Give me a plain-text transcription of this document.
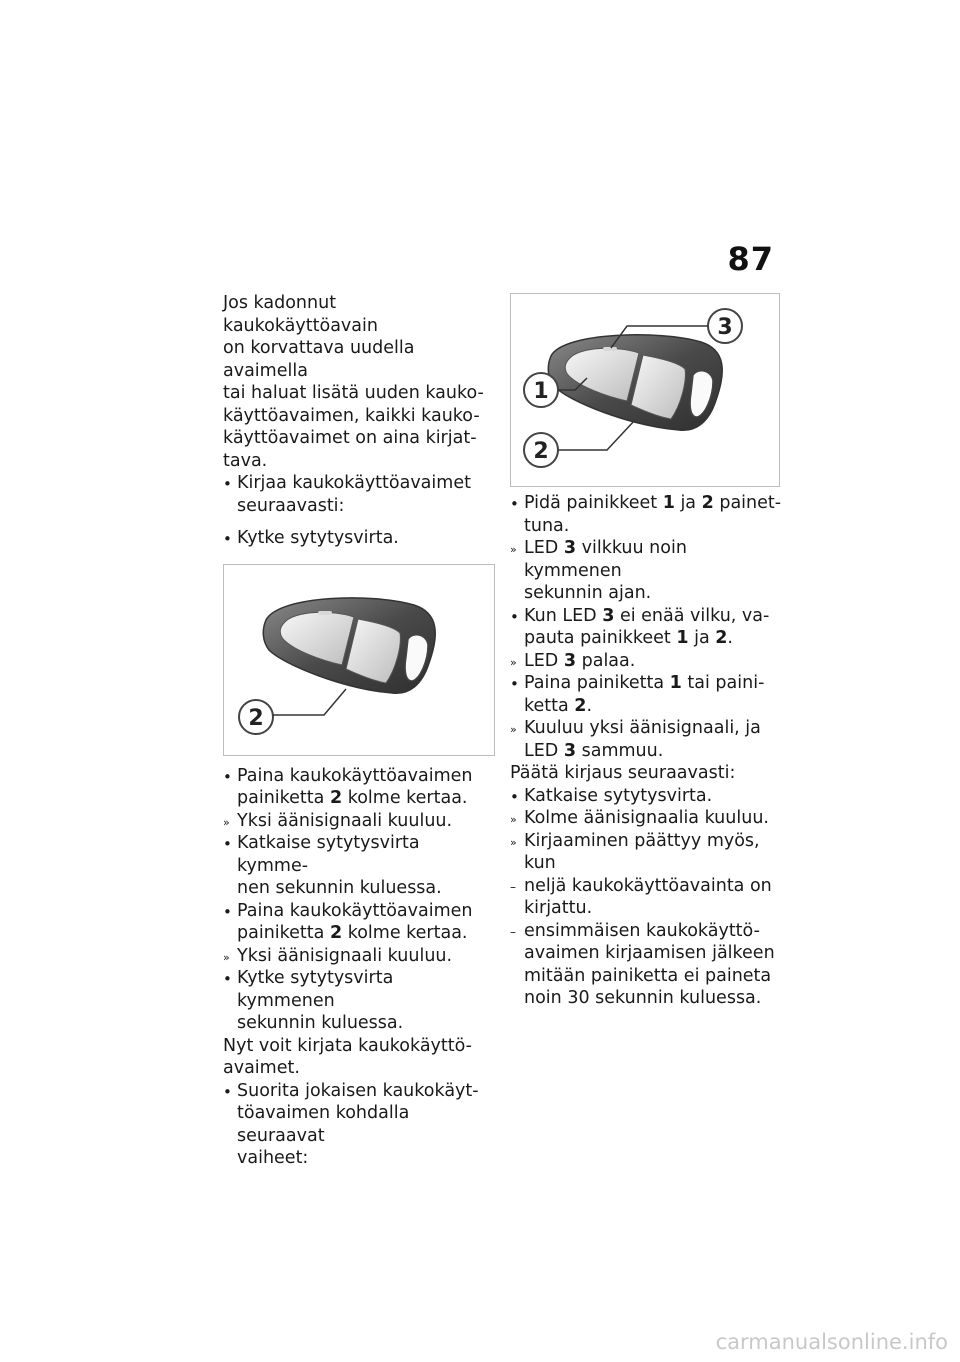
87

Jos kadonnut kaukokäyttöavain
on korvattava uudella avaimella
tai haluat lisätä uuden kauko-
käyttöavaimen, kaikki kauko-
käyttöavaimet on aina kirjat-
tava.

• Kirjaa kaukokäyttöavaimet
seuraavasti:
• Kytke sytytysvirta.
2
• Paina kaukokäyttöavaimen
painiketta 2 kolme kertaa.
» Yksi äänisignaali kuuluu.
• Katkaise sytytysvirta kymme-
nen sekunnin kuluessa.
• Paina kaukokäyttöavaimen
painiketta 2 kolme kertaa.
» Yksi äänisignaali kuuluu.
• Kytke sytytysvirta kymmenen
sekunnin kuluessa.

Nyt voit kirjata kaukokäyttö-
avaimet.

• Suorita jokaisen kaukokäyt-
töavaimen kohdalla seuraavat
vaiheet:
3
1
2
• Pidä painikkeet 1 ja 2 painet-
tuna.
» LED 3 vilkkuu noin kymmenen
sekunnin ajan.
• Kun LED 3 ei enää vilku, va-
pauta painikkeet 1 ja 2.
» LED 3 palaa.
• Paina painiketta 1 tai paini-
ketta 2.
» Kuuluu yksi äänisignaali, ja
LED 3 sammuu.

Päätä kirjaus seuraavasti:

• Katkaise sytytysvirta.
» Kolme äänisignaalia kuuluu.
» Kirjaaminen päättyy myös, kun
– neljä kaukokäyttöavainta on
kirjattu.
– ensimmäisen kaukokäyttö-
avaimen kirjaamisen jälkeen
mitään painiketta ei paineta
noin 30 sekunnin kuluessa.
carmanualsonline.info
